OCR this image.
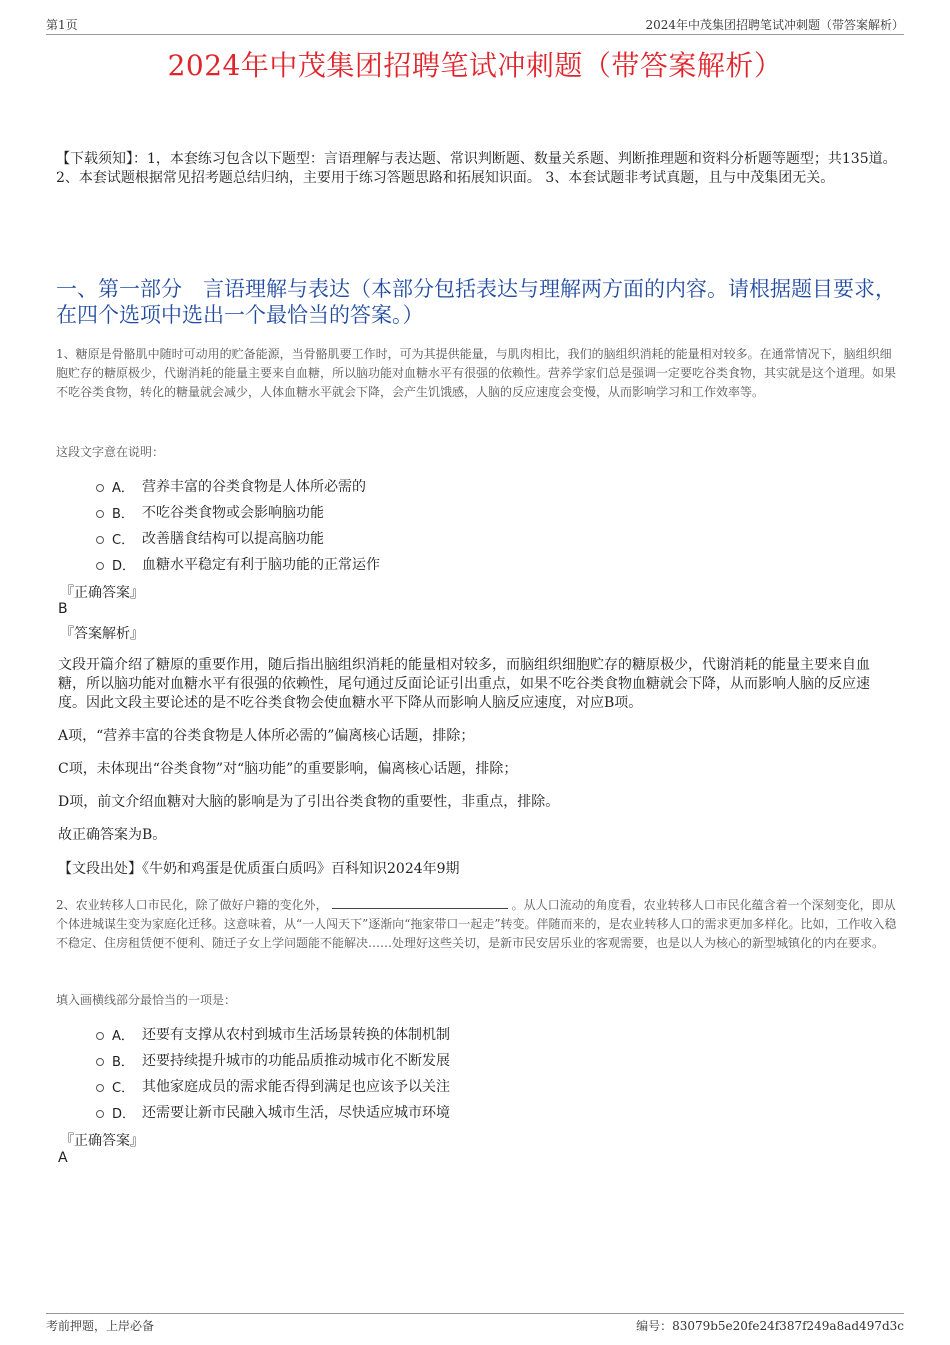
第1页	2024年中茂集团招聘笔试冲刺题（带答案解析）
2024年中茂集团招聘笔试冲刺题（带答案解析）
【下载须知】：1，本套练习包含以下题型：言语理解与表达题、常识判断题、数量关系题、判断推理题和资料分析题等题型；共135道。 2、本套试题根据常见招考题总结归纳，主要用于练习答题思路和拓展知识面。 3、本套试题非考试真题，且与中茂集团无关。
一、第一部分　言语理解与表达（本部分包括表达与理解两方面的内容。请根据题目要求，在四个选项中选出一个最恰当的答案。）
1、糖原是骨骼肌中随时可动用的贮备能源，当骨骼肌要工作时，可为其提供能量，与肌肉相比，我们的脑组织消耗的能量相对较多。在通常情况下，脑组织细胞贮存的糖原极少，代谢消耗的能量主要来自血糖，所以脑功能对血糖水平有很强的依赖性。营养学家们总是强调一定要吃谷类食物，其实就是这个道理。如果不吃谷类食物，转化的糖量就会减少，人体血糖水平就会下降，会产生饥饿感，人脑的反应速度会变慢，从而影响学习和工作效率等。
这段文字意在说明：
A． 营养丰富的谷类食物是人体所必需的
B． 不吃谷类食物或会影响脑功能
C． 改善膳食结构可以提高脑功能
D． 血糖水平稳定有利于脑功能的正常运作
『正确答案』
B
『答案解析』
文段开篇介绍了糖原的重要作用，随后指出脑组织消耗的能量相对较多，而脑组织细胞贮存的糖原极少，代谢消耗的能量主要来自血糖，所以脑功能对血糖水平有很强的依赖性，尾句通过反面论证引出重点，如果不吃谷类食物血糖就会下降，从而影响人脑的反应速度。因此文段主要论述的是不吃谷类食物会使血糖水平下降从而影响人脑反应速度，对应B项。
A项，“营养丰富的谷类食物是人体所必需的”偏离核心话题，排除；
C项，未体现出“谷类食物”对“脑功能”的重要影响，偏离核心话题，排除；
D项，前文介绍血糖对大脑的影响是为了引出谷类食物的重要性，非重点，排除。
故正确答案为B。
【文段出处】《牛奶和鸡蛋是优质蛋白质吗》百科知识2024年9期
2、农业转移人口市民化，除了做好户籍的变化外，	。从人口流动的角度看，农业转移人口市民化蕴含着一个深刻变化，即从个体进城谋生变为家庭化迁移。这意味着，从“一人闯天下”逐渐向“拖家带口一起走”转变。伴随而来的，是农业转移人口的需求更加多样化。比如，工作收入稳不稳定、住房租赁便不便利、随迁子女上学问题能不能解决……处理好这些关切，是新市民安居乐业的客观需要，也是以人为核心的新型城镇化的内在要求。
填入画横线部分最恰当的一项是：
A． 还要有支撑从农村到城市生活场景转换的体制机制
B． 还要持续提升城市的功能品质推动城市化不断发展
C． 其他家庭成员的需求能否得到满足也应该予以关注
D． 还需要让新市民融入城市生活，尽快适应城市环境
『正确答案』
A
考前押题，上岸必备	编号：83079b5e20fe24f387f249a8ad497d3c
